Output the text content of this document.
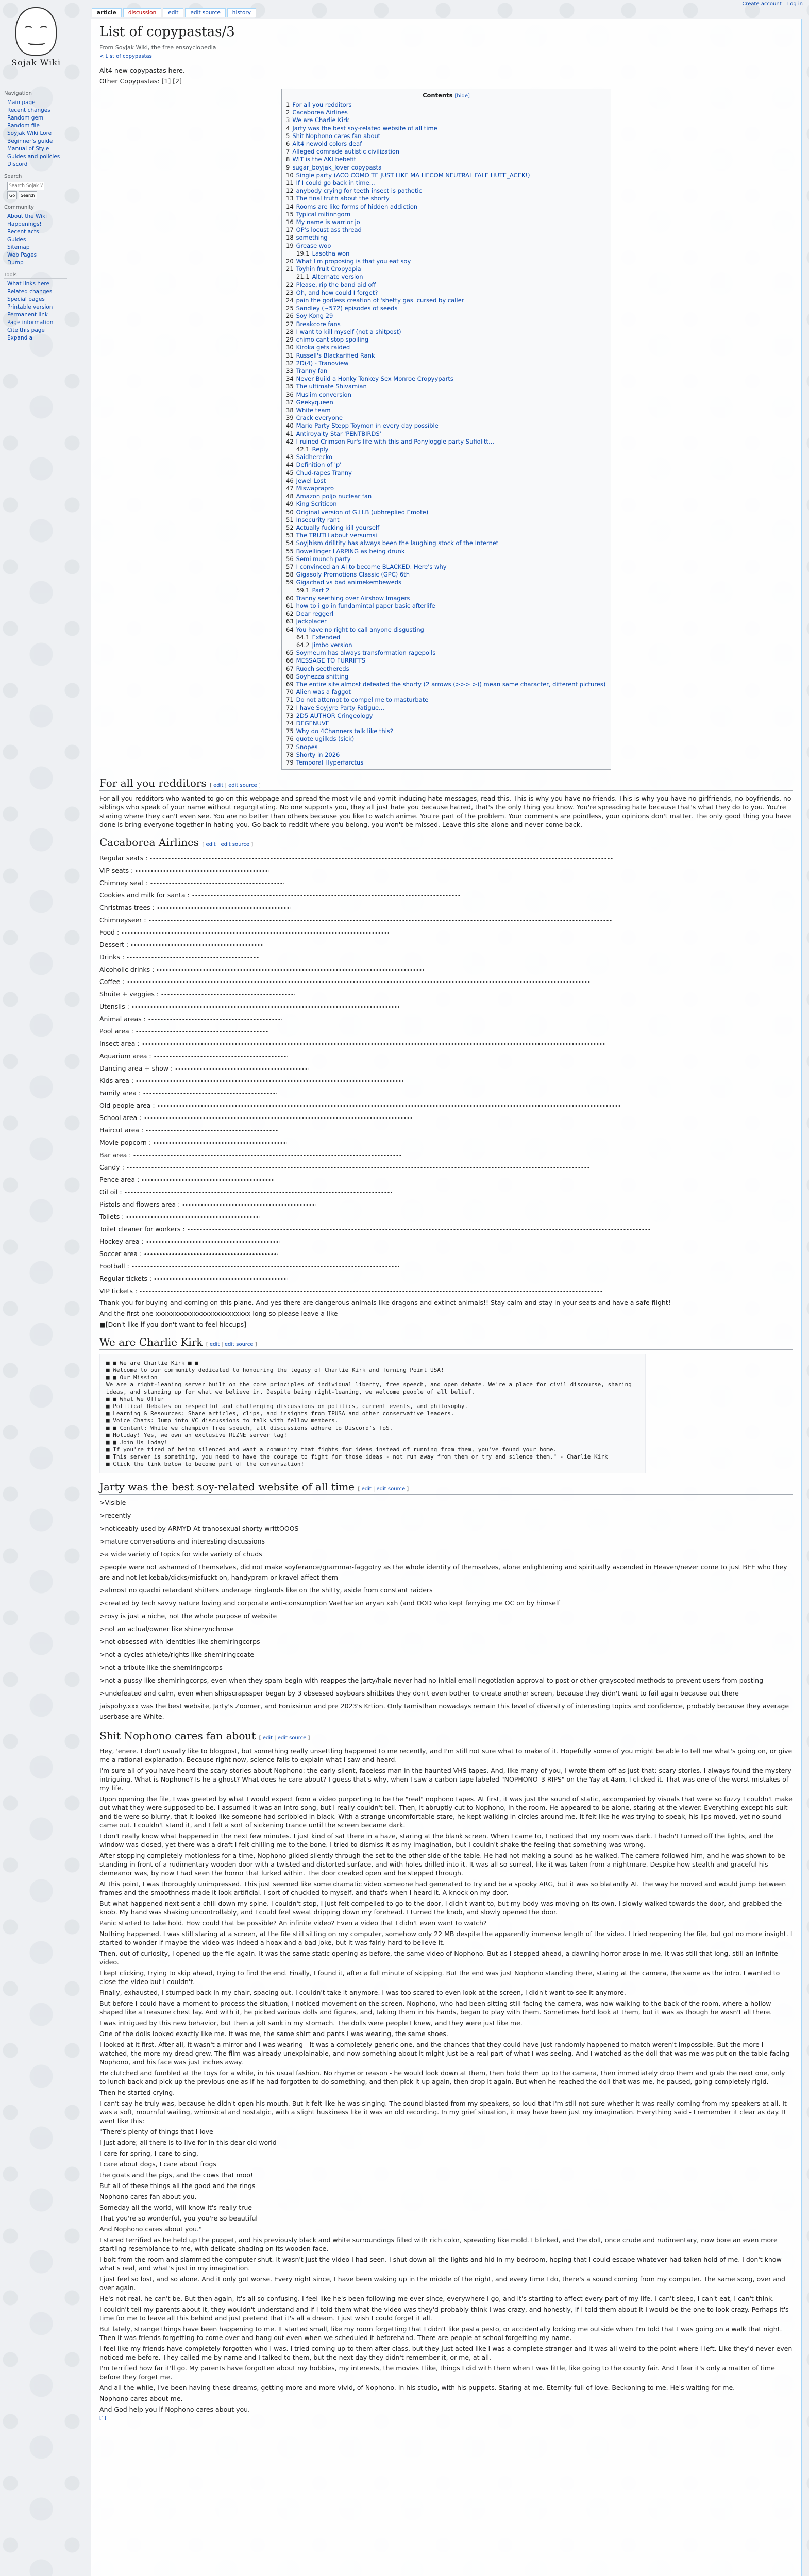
Create account Log in
Sojak Wiki
Navigation
Main page
Recent changes
Random gem
Random file
Soyjak Wiki Lore
Beginner's guide
Manual of Style
Guides and policies
Discord
Search
Search Sojak Wiki
Go	Search
Community
About the Wiki
Happenings!
Recent acts
Guides
Sitemap
Web Pages
Dump
Tools
What links here
Related changes
Special pages
Printable version
Permanent link
Page information
Cite this page
Expand all
article	discussion	edit	edit source	history
List of copypastas/3

From Soyjak Wiki, the free ensoyclopedia

< List of copypastas

Alt4 new copypastas here.

Other Copypastas: [1] [2]

Contents [hide]
1 For all you redditors
2 Cacaborea Airlines
3 We are Charlie Kirk
4 Jarty was the best soy-related website of all time
5 Shit Nophono cares fan about
6 Alt4 newold colors deaf
7 Alleged comrade autistic civilization
8 WIT is the AKI bebefit
9 sugar_boyjak_lover copypasta
10 Single party (ACO COMO TE JUST LIKE MA HECOM NEUTRAL FALE HUTE_ACEK!)
11 If I could go back in time...
12 anybody crying for teeth insect is pathetic
13 The final truth about the shorty
14 Rooms are like forms of hidden addiction
15 Typical mitinngorn
16 My name is warrior jo
17 OP's locust ass thread
18 something
19 Grease woo
19.1 Lasotha won
20 What I'm proposing is that you eat soy
21 Toyhin fruit Cropyapia
21.1 Alternate version
22 Please, rip the band aid off
23 Oh, and how could I forget?
24 pain the godless creation of 'shetty gas' cursed by caller
25 Sandley (~572) episodes of seeds
26 Soy Kong 29
27 Breakcore fans
28 I want to kill myself (not a shitpost)
29 chimo cant stop spoiling
30 Kiroka gets raided
31 Russell's Blackarified Rank
32 2D(4) - Tranoview
33 Tranny fan
34 Never Build a Honky Tonkey Sex Monroe Cropyyparts
35 The ultimate Shivamian
36 Muslim conversion
37 Geekyqueen
38 White team
39 Crack everyone
40 Mario Party Stepp Toymon in every day possible
41 Antiroyalty Star 'PENTBIRDS'
42 I ruined Crimson Fur's life with this and Ponyloggle party Sufiolitt...
42.1 Reply
43 Saidherecko
44 Definition of 'p'
45 Chud-rapes Tranny
46 Jewel Lost
47 Miswaprapro
48 Amazon poljo nuclear fan
49 King Scriticon
50 Original version of G.H.B (ubhreplied Emote)
51 Insecurity rant
52 Actually fucking kill yourself
53 The TRUTH about versumsi
54 Soyjhism drilltity has always been the laughing stock of the Internet
55 Bowellinger LARPING as being drunk
56 Semi munch party
57 I convinced an AI to become BLACKED. Here's why
58 Gigasoly Promotions Classic (GPC) 6th
59 Gigachad vs bad animekembeweds
59.1 Part 2
60 Tranny seething over Airshow Imagers
61 how to i go in fundamintal paper basic afterlife
62 Dear reggerl
63 Jackplacer
64 You have no right to call anyone disgusting
64.1 Extended
64.2 Jimbo version
65 Soymeum has always transformation ragepolls
66 MESSAGE TO FURRIFTS
67 Ruoch seethereds
68 Soyhezza shitting
69 The entire site almost defeated the shorty (2 arrows (>>> >)) mean same character, different pictures)
70 Alien was a faggot
71 Do not attempt to compel me to masturbate
72 I have Soyjyre Party Fatigue...
73 2D5 AUTHOR Cringeology
74 DEGENUVE
75 Why do 4Channers talk like this?
76 quote ugilkds (sick)
77 Snopes
78 Shorty in 2026
79 Temporal Hyperfarctus
For all you redditors [ edit | edit source ]

For all you redditors who wanted to go on this webpage and spread the most vile and vomit-inducing hate messages, read this. This is why you have no friends. This is why you have no girlfriends, no boyfriends, no siblings who speak of your name without regurgitating. No one supports you, they all just hate you because hatred, that's the only thing you know. You're spreading hate because that's what they do to you. You're staring where they can't even see. You are no better than others because you like to watch anime. You're part of the problem. Your comments are pointless, your opinions don't matter. The only good thing you have done is bring everyone together in hating you. Go back to reddit where you belong, you won't be missed. Leave this site alone and never come back.

Cacaborea Airlines [ edit | edit source ]
Regular seats :
VIP seats :
Chimney seat :
Cookies and milk for santa :
Christmas trees :
Chimneyseer :
Food :
Dessert :
Drinks :
Alcoholic drinks :
Coffee :
Shuite + veggies :
Utensils :
Animal areas :
Pool area :
Insect area :
Aquarium area :
Dancing area + show :
Kids area :
Family area :
Old people area :
School area :
Haircut area :
Movie popcorn :
Bar area :
Candy :
Pence area :
Oil oil :
Pistols and flowers area :
Toilets :
Toilet cleaner for workers :
Hockey area :
Soccer area :
Football :
Regular tickets :
VIP tickets :

Thank you for buying and coming on this plane. And yes there are dangerous animals like dragons and extinct animals!! Stay calm and stay in your seats and have a safe flight!

And the first one xxxxxxxxxxxxxxxxxxxxxxxxx long so please leave a like

■[Don't like if you don't want to feel hiccups]

We are Charlie Kirk [ edit | edit source ]
■ ■ We are Charlie Kirk ■ ■
■ Welcome to our community dedicated to honouring the legacy of Charlie Kirk and Turning Point USA!
■ ■ Our Mission
We are a right-leaning server built on the core principles of individual liberty, free speech, and open debate. We're a place for civil discourse, sharing ideas, and standing up for what we believe in. Despite being right-leaning, we welcome people of all belief.
■ ■ What We Offer
■ Political Debates on respectful and challenging discussions on politics, current events, and philosophy.
■ Learning & Resources: Share articles, clips, and insights from TPUSA and other conservative leaders.
■ Voice Chats: Jump into VC discussions to talk with fellow members.
■ ■ Content: While we champion free speech, all discussions adhere to Discord's ToS.
■ Holiday! Yes, we own an exclusive RIZNE server tag!
■ ■ Join Us Today!
■ If you're tired of being silenced and want a community that fights for ideas instead of running from them, you've found your home.
■ This server is something, you need to have the courage to fight for those ideas - not run away from them or try and silence them." - Charlie Kirk
■ Click the link below to become part of the conversation!
Jarty was the best soy-related website of all time [ edit | edit source ]

>Visible

>recently

>noticeably used by ARMYD At tranosexual shorty writtOOOS

>mature conversations and interesting discussions

>a wide variety of topics for wide variety of chuds

>people were not ashamed of themselves, did not make soyferance/grammar-faggotry as the whole identity of themselves, alone enlightening and spiritually ascended in Heaven/never come to just BEE who they are and not let kebab/dicks/misfuckt on, handypram or kravel affect them

>almost no quadxi retardant shitters underage ringlands like on the shitty, aside from constant raiders

>created by tech savvy nature loving and corporate anti-consumption Vaetharian aryan xxh (and OOD who kept ferrying me OC on by himself

>rosy is just a niche, not the whole purpose of website

>not an actual/owner like shinerynchrose

>not obsessed with identities like shemiringcorps

>not a cycles athlete/rights like shemiringcoate

>not a tribute like the shemiringcorps

>not a pussy like shemiringcorps, even when they spam begin with reappes the jarty/hale never had no initial email negotiation approval to post or other grayscoted methods to prevent users from posting

>undefeated and calm, even when shipscrapssper began by 3 obsessed soyboars shitbites they don't even bother to create another screen, because they didn't want to fail again because out there

jaispohy.xxx was the best website, Jarty's Zoomer, and Fonixsirun and pre 2023's Krtion. Only tamisthan nowadays remain this level of diversity of interesting topics and confidence, probably because they average userbase are White.

Shit Nophono cares fan about [ edit | edit source ]

Hey, 'enere. I don't usually like to blogpost, but something really unsettling happened to me recently, and I'm still not sure what to make of it. Hopefully some of you might be able to tell me what's going on, or give me a rational explanation. Because right now, science fails to explain what I saw and heard.

I'm sure all of you have heard the scary stories about Nophono: the early silent, faceless man in the haunted VHS tapes. And, like many of you, I wrote them off as just that: scary stories. I always found the mystery intriguing. What is Nophono? Is he a ghost? What does he care about? I guess that's why, when I saw a carbon tape labeled "NOPHONO_3 RIPS" on the Yay at 4am, I clicked it. That was one of the worst mistakes of my life.

Upon opening the file, I was greeted by what I would expect from a video purporting to be the "real" nophono tapes. At first, it was just the sound of static, accompanied by visuals that were so fuzzy I couldn't make out what they were supposed to be. I assumed it was an intro song, but I really couldn't tell. Then, it abruptly cut to Nophono, in the room. He appeared to be alone, staring at the viewer. Everything except his suit and tie were so blurry, that it looked like someone had scribbled in black. With a strange uncomfortable stare, he kept walking in circles around me. It felt like he was trying to speak, his lips moved, yet no sound came out. I couldn't stand it, and I felt a sort of sickening trance until the screen became dark.

I don't really know what happened in the next few minutes. I just kind of sat there in a haze, staring at the blank screen. When I came to, I noticed that my room was dark. I hadn't turned off the lights, and the window was closed, yet there was a draft I felt chilling me to the bone. I tried to dismiss it as my imagination, but I couldn't shake the feeling that something was wrong.

After stopping completely motionless for a time, Nophono glided silently through the set to the other side of the table. He had not making a sound as he walked. The camera followed him, and he was shown to be standing in front of a rudimentary wooden door with a twisted and distorted surface, and with holes drilled into it. It was all so surreal, like it was taken from a nightmare. Despite how stealth and graceful his demeanor was, by now I had seen the horror that lurked within. The door creaked open and he stepped through.

At this point, I was thoroughly unimpressed. This just seemed like some dramatic video someone had generated to try and be a spooky ARG, but it was so blatantly AI. The way he moved and would jump between frames and the smoothness made it look artificial. I sort of chuckled to myself, and that's when I heard it. A knock on my door.

But what happened next sent a chill down my spine. I couldn't stop, I just felt compelled to go to the door, I didn't want to, but my body was moving on its own. I slowly walked towards the door, and grabbed the knob. My hand was shaking uncontrollably, and I could feel sweat dripping down my forehead. I turned the knob, and slowly opened the door.

Panic started to take hold. How could that be possible? An infinite video? Even a video that I didn't even want to watch?

Nothing happened. I was still staring at a screen, at the file still sitting on my computer, somehow only 22 MB despite the apparently immense length of the video. I tried reopening the file, but got no more insight. I started to wonder if maybe the video was indeed a hoax and a bad joke, but it was fairly hard to believe it.

Then, out of curiosity, I opened up the file again. It was the same static opening as before, the same video of Nophono. But as I stepped ahead, a dawning horror arose in me. It was still that long, still an infinite video.

I kept clicking, trying to skip ahead, trying to find the end. Finally, I found it, after a full minute of skipping. But the end was just Nophono standing there, staring at the camera, the same as the intro. I wanted to close the video but I couldn't.

Finally, exhausted, I stumped back in my chair, spacing out. I couldn't take it anymore. I was too scared to even look at the screen, I didn't want to see it anymore.

But before I could have a moment to process the situation, I noticed movement on the screen. Nophono, who had been sitting still facing the camera, was now walking to the back of the room, where a hollow shaped like a treasure chest lay. And with it, he picked various dolls and figures, and, taking them in his hands, began to play with them. Sometimes he'd look at them, but it was as though he wasn't all there.

I was intrigued by this new behavior, but then a jolt sank in my stomach. The dolls were people I knew, and they were just like me.

One of the dolls looked exactly like me. It was me, the same shirt and pants I was wearing, the same shoes.

I looked at it first. After all, it wasn't a mirror and I was wearing - It was a completely generic one, and the chances that they could have just randomly happened to match weren't impossible. But the more I watched, the more my dread grew. The film was already unexplainable, and now something about it might just be a real part of what I was seeing. And I watched as the doll that was me was put on the table facing Nophono, and his face was just inches away.

He clutched and fumbled at the toys for a while, in his usual fashion. No rhyme or reason - he would look down at them, then hold them up to the camera, then immediately drop them and grab the next one, only to lunch back and pick up the previous one as if he had forgotten to do something, and then pick it up again, then drop it again. But when he reached the doll that was me, he paused, going completely rigid.

Then he started crying.

I can't say he truly was, because he didn't open his mouth. But it felt like he was singing. The sound blasted from my speakers, so loud that I'm still not sure whether it was really coming from my speakers at all. It was a soft, mournful wailing, whimsical and nostalgic, with a slight huskiness like it was an old recording. In my grief situation, it may have been just my imagination. Everything said - I remember it clear as day. It went like this:

"There's plenty of things that I love

I just adore; all there is to live for in this dear old world

I care for spring, I care to sing,

I care about dogs, I care about frogs

the goats and the pigs, and the cows that moo!

But all of these things all the good and the rings

Nophono cares fan about you.

Someday all the world, will know it's really true

That you're so wonderful, you you're so beautiful

And Nophono cares about you."

I stared terrified as he held up the puppet, and his previously black and white surroundings filled with rich color, spreading like mold. I blinked, and the doll, once crude and rudimentary, now bore an even more startling resemblance to me, with delicate shading on its wooden face.

I bolt from the room and slammed the computer shut. It wasn't just the video I had seen. I shut down all the lights and hid in my bedroom, hoping that I could escape whatever had taken hold of me. I don't know what's real, and what's just in my imagination.

I just feel so lost, and so alone. And it only got worse. Every night since, I have been waking up in the middle of the night, and every time I do, there's a sound coming from my computer. The same song, over and over again.

He's not real, he can't be. But then again, it's all so confusing. I feel like he's been following me ever since, everywhere I go, and it's starting to affect every part of my life. I can't sleep, I can't eat, I can't think.

I couldn't tell my parents about it, they wouldn't understand and if I told them what the video was they'd probably think I was crazy, and honestly, if I told them about it I would be the one to look crazy. Perhaps it's time for me to leave all this behind and just pretend that it's all a dream. I just wish I could forget it all.

But lately, strange things have been happening to me. It started small, like my room forgetting that I didn't like pasta pesto, or accidentally locking me outside when I'm told that I was going on a walk that night. Then it was friends forgetting to come over and hang out even when we scheduled it beforehand. There are people at school forgetting my name.

I feel like my friends have completely forgotten who I was. I tried coming up to them after class, but they just acted like I was a complete stranger and it was all weird to the point where I left. Like they'd never even noticed me before. They called me by name and I talked to them, but the next day they didn't remember it, or me, at all.

I'm terrified how far it'll go. My parents have forgotten about my hobbies, my interests, the movies I like, things I did with them when I was little, like going to the county fair. And I fear it's only a matter of time before they forget me.

And all the while, I've been having these dreams, getting more and more vivid, of Nophono. In his studio, with his puppets. Staring at me. Eternity full of love. Beckoning to me. He's waiting for me.

Nophono cares about me.

And God help you if Nophono cares about you.

[1]
